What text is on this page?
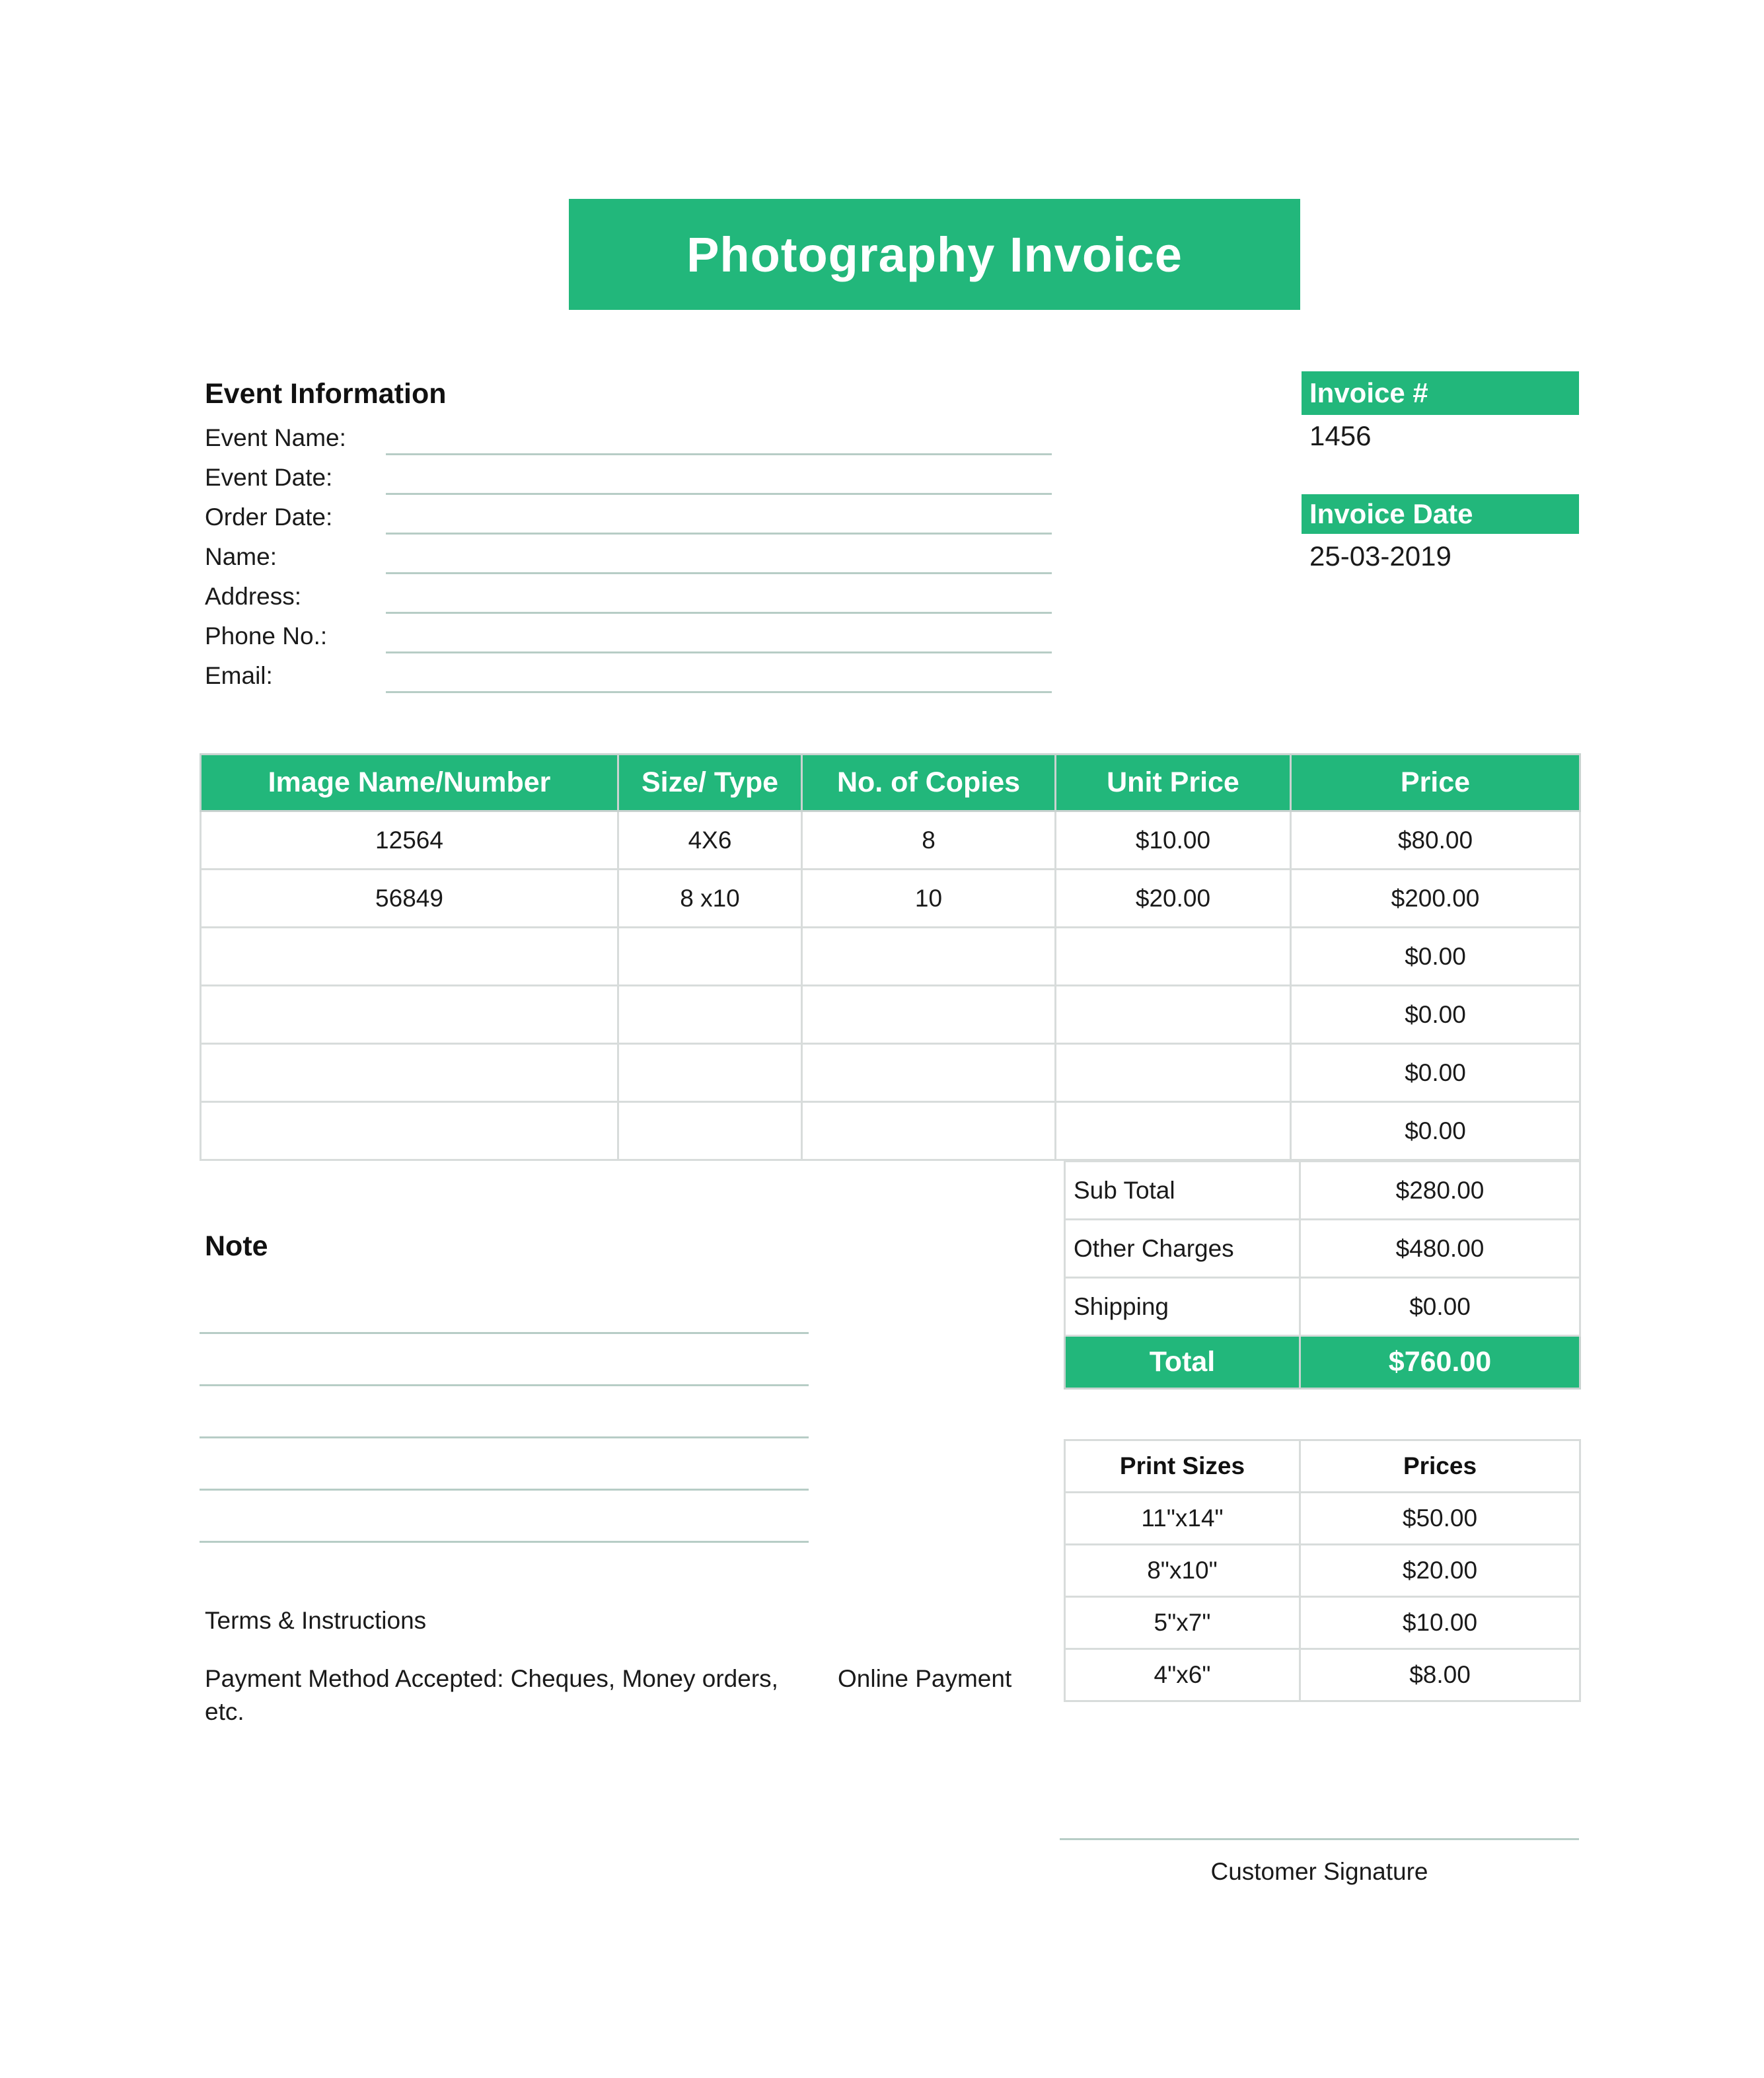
Photography Invoice
Event Information
Event Name:
Event Date:
Order Date:
Name:
Address:
Phone No.:
Email:
Invoice #
1456
Invoice Date
25-03-2019
Image Name/Number	Size/ Type	No. of Copies	Unit Price	Price
12564	4X6	8	$10.00	$80.00
56849	8 x10	10	$20.00	$200.00
				$0.00
				$0.00
				$0.00
				$0.00
Sub Total	$280.00
Other Charges	$480.00
Shipping	$0.00
Total	$760.00
Note
Print Sizes	Prices
11"x14"	$50.00
8"x10"	$20.00
5"x7"	$10.00
4"x6"	$8.00
Terms & Instructions
Payment Method Accepted: Cheques, Money orders,
etc.
Online Payment
Customer Signature
